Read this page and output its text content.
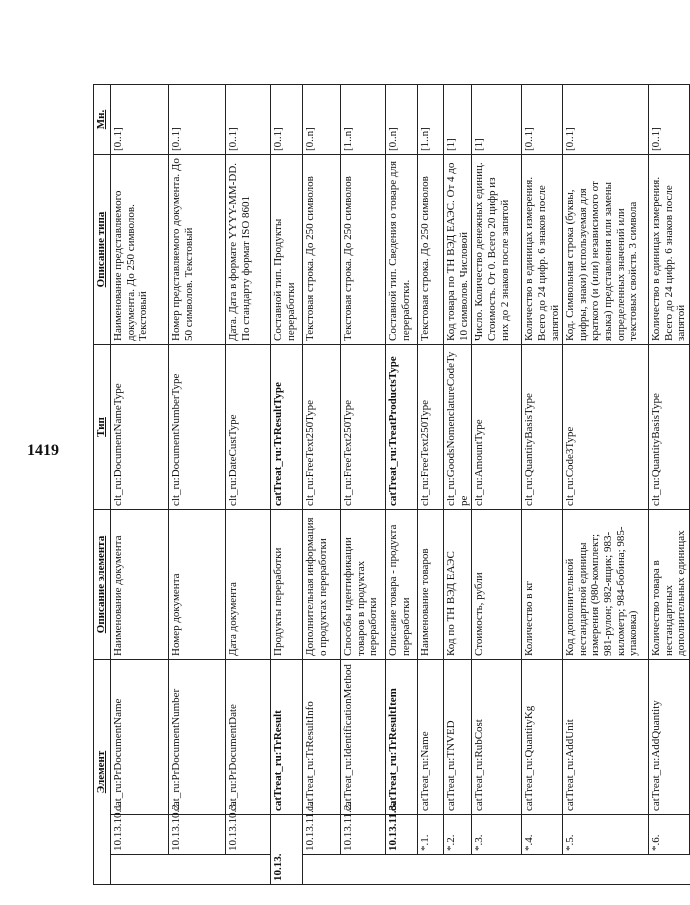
1419
Элемент			Описание элемента	Тип	Описание типа	Мн.
	10.13.10.1.	cat_ru:PrDocumentName	Наименование документа	clt_ru:DocumentNameType	Наименование представляемого документа. До 250 символов. Текстовый	[0..1]
	10.13.10.2.	cat_ru:PrDocumentNumber	Номер документа	clt_ru:DocumentNumberType	Номер представляемого документа. До 50 символов. Текстовый	[0..1]
	10.13.10.3.	cat_ru:PrDocumentDate	Дата документа	clt_ru:DateCustType	Дата. Дата в формате YYYY-MM-DD. По стандарту формат ISO 8601	[0..1]
10.13.		catTreat_ru:TrResult	Продукты переработки	catTreat_ru:TrResultType	Составной тип. Продукты переработки	[0..1]
	10.13.11.1.	catTreat_ru:TrResultInfo	Дополнительная информация о продуктах переработки	clt_ru:FreeText250Type	Текстовая строка. До 250 символов	[0..n]
	10.13.11.2.	catTreat_ru:IdentificationMethod	Способы идентификации товаров в продуктах переработки	clt_ru:FreeText250Type	Текстовая строка. До 250 символов	[1..n]
	10.13.11.3.	catTreat_ru:TrResultItem	Описание товара - продукта переработки	catTreat_ru:TreatProductsType	Составной тип. Сведения о товаре для переработки.	[0..n]
	*.1.	catTreat_ru:Name	Наименование товаров	clt_ru:FreeText250Type	Текстовая строка. До 250 символов	[1..n]
	*.2.	catTreat_ru:TNVED	Код по ТН ВЭД ЕАЭС	clt_ru:GoodsNomenclatureCodeType	Код товара по ТН ВЭД ЕАЭС. От 4 до 10 символов. Числовой	[1]
	*.3.	catTreat_ru:RubCost	Стоимость, рубли	clt_ru:AmountType	Число. Количество денежных единиц. Стоимость. От 0. Всего 20 цифр из них до 2 знаков после запятой	[1]
	*.4.	catTreat_ru:QuantityKg	Количество в кг	clt_ru:QuantityBasisType	Количество в единицах измерения. Всего до 24 цифр. 6 знаков после запятой	[0..1]
	*.5.	catTreat_ru:AddUnit	Код дополнительной нестандартной единицы измерения (980-комплект; 981-рулон; 982-ящик; 983-километр; 984-бобина; 985-упаковка)	clt_ru:Code3Type	Код. Символьная строка (буквы, цифры, знаки) используемая для краткого (и (или) независимого от языка) представления или замены определенных значений или текстовых свойств. 3 символа	[0..1]
	*.6.	catTreat_ru:AddQuantity	Количество товара в нестандартных дополнительных единицах	clt_ru:QuantityBasisType	Количество в единицах измерения. Всего до 24 цифр. 6 знаков после запятой	[0..1]
